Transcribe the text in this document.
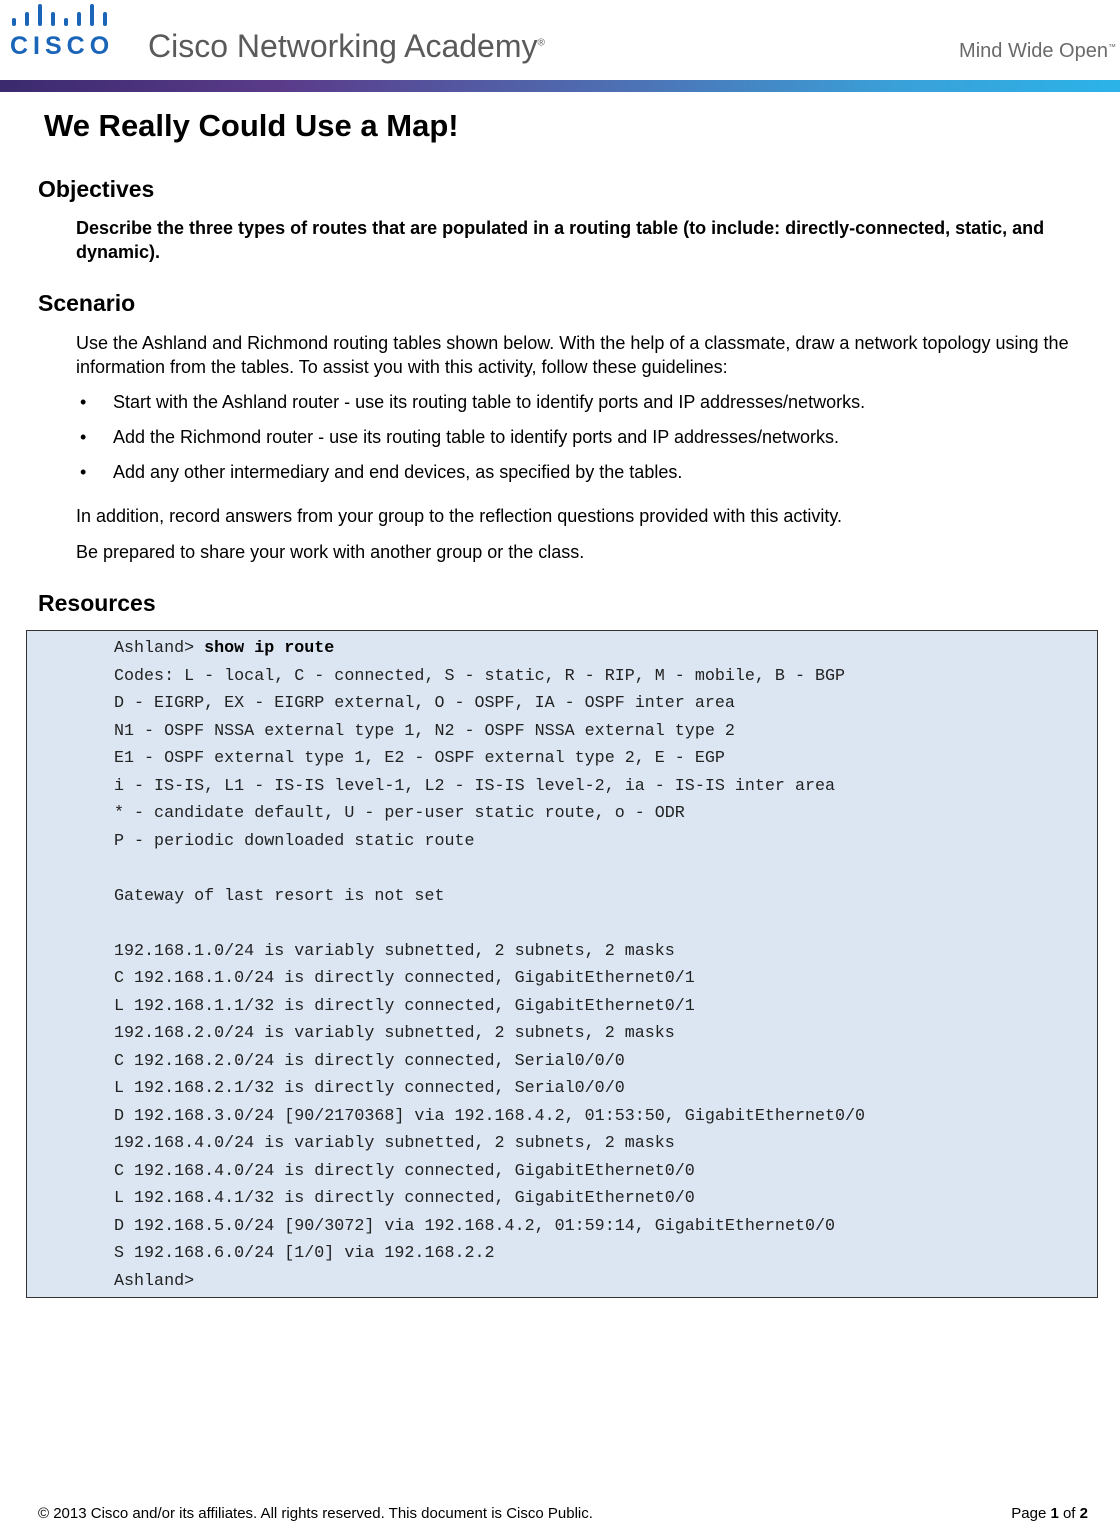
CISCO Cisco Networking Academy®	Mind Wide Open™
We Really Could Use a Map!
Objectives

Describe the three types of routes that are populated in a routing table (to include: directly-connected, static, and dynamic).

Scenario

Use the Ashland and Richmond routing tables shown below. With the help of a classmate, draw a network topology using the information from the tables. To assist you with this activity, follow these guidelines:

• Start with the Ashland router - use its routing table to identify ports and IP addresses/networks.
• Add the Richmond router - use its routing table to identify ports and IP addresses/networks.
• Add any other intermediary and end devices, as specified by the tables.

In addition, record answers from your group to the reflection questions provided with this activity.

Be prepared to share your work with another group or the class.

Resources
Ashland> show ip route
Codes: L - local, C - connected, S - static, R - RIP, M - mobile, B - BGP
D - EIGRP, EX - EIGRP external, O - OSPF, IA - OSPF inter area
N1 - OSPF NSSA external type 1, N2 - OSPF NSSA external type 2
E1 - OSPF external type 1, E2 - OSPF external type 2, E - EGP
i - IS-IS, L1 - IS-IS level-1, L2 - IS-IS level-2, ia - IS-IS inter area
* - candidate default, U - per-user static route, o - ODR
P - periodic downloaded static route
Gateway of last resort is not set
192.168.1.0/24 is variably subnetted, 2 subnets, 2 masks
C 192.168.1.0/24 is directly connected, GigabitEthernet0/1
L 192.168.1.1/32 is directly connected, GigabitEthernet0/1
192.168.2.0/24 is variably subnetted, 2 subnets, 2 masks
C 192.168.2.0/24 is directly connected, Serial0/0/0
L 192.168.2.1/32 is directly connected, Serial0/0/0
D 192.168.3.0/24 [90/2170368] via 192.168.4.2, 01:53:50, GigabitEthernet0/0
192.168.4.0/24 is variably subnetted, 2 subnets, 2 masks
C 192.168.4.0/24 is directly connected, GigabitEthernet0/0
L 192.168.4.1/32 is directly connected, GigabitEthernet0/0
D 192.168.5.0/24 [90/3072] via 192.168.4.2, 01:59:14, GigabitEthernet0/0
S 192.168.6.0/24 [1/0] via 192.168.2.2
Ashland>
© 2013 Cisco and/or its affiliates. All rights reserved. This document is Cisco Public.	Page 1 of 2
